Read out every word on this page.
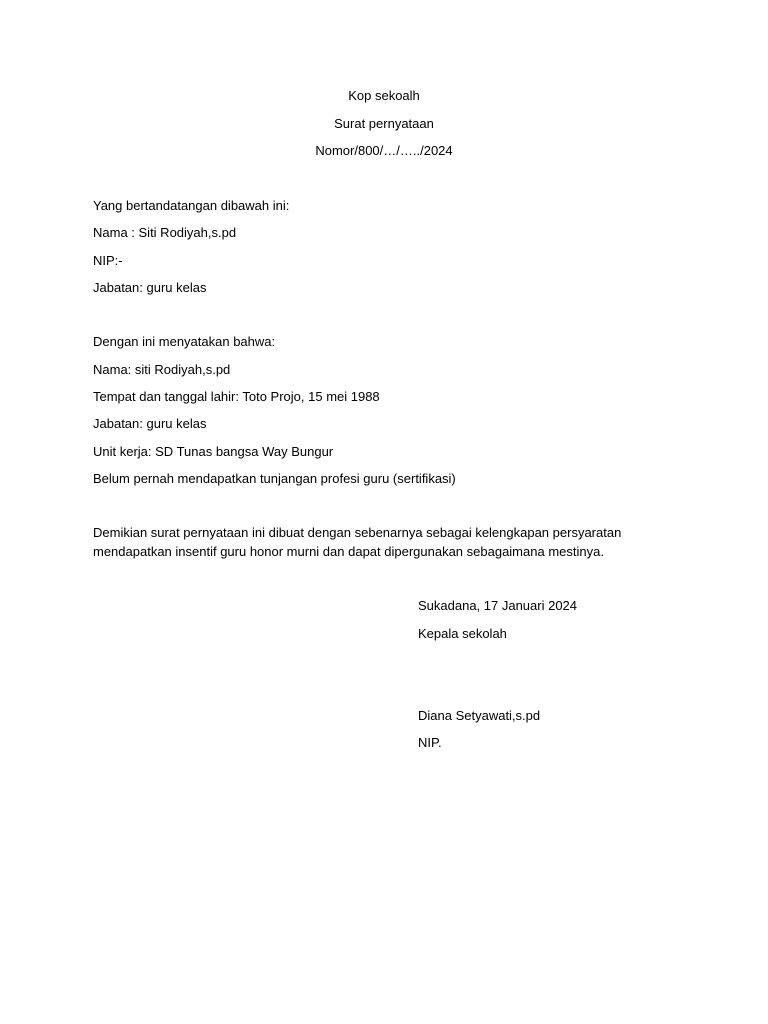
Kop sekoalh
Surat pernyataan
Nomor/800/…/…../2024
Yang bertandatangan dibawah ini:
Nama : Siti Rodiyah,s.pd
NIP:-
Jabatan: guru kelas
Dengan ini menyatakan bahwa:
Nama: siti Rodiyah,s.pd
Tempat dan tanggal lahir: Toto Projo, 15 mei 1988
Jabatan: guru kelas
Unit kerja: SD Tunas bangsa Way Bungur
Belum pernah mendapatkan tunjangan profesi guru (sertifikasi)
Demikian surat pernyataan ini dibuat dengan sebenarnya sebagai kelengkapan persyaratan
mendapatkan insentif guru honor murni dan dapat dipergunakan sebagaimana mestinya.
Sukadana, 17 Januari 2024
Kepala sekolah
Diana Setyawati,s.pd
NIP.
